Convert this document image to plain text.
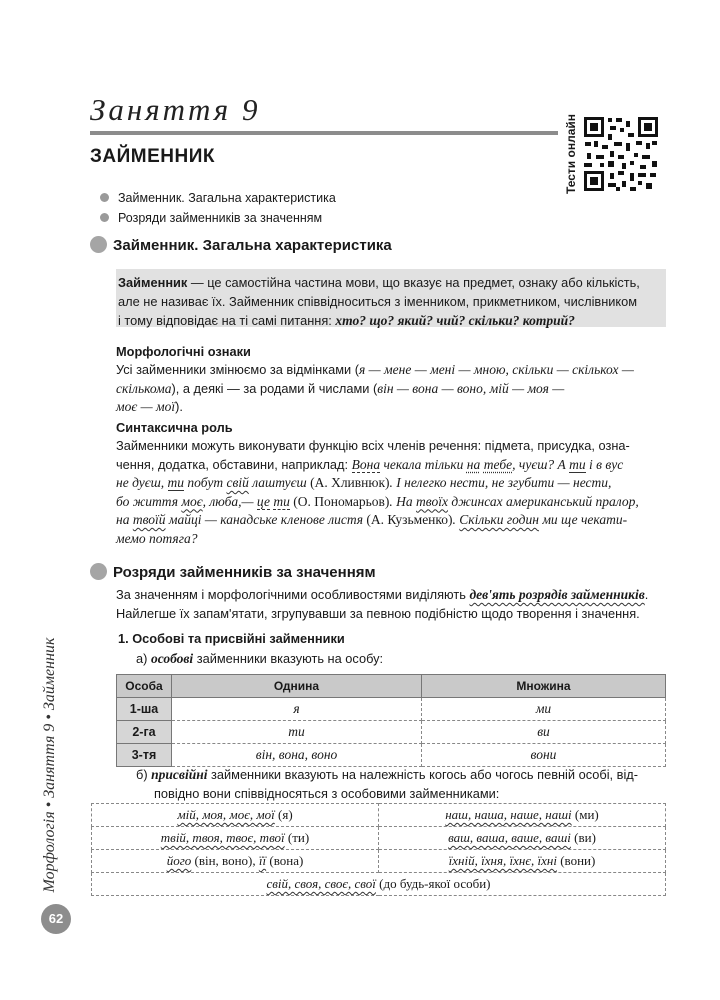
Заняття 9
ЗАЙМЕННИК	Тести онлайн
Займенник. Загальна характеристика
Розряди займенників за значенням
Займенник. Загальна характеристика
Займенник — це самостійна частина мови, що вказує на предмет, ознаку або кількість,
але не називає їх. Займенник співвідноситься з іменником, прикметником, числівником
і тому відповідає на ті самі питання: хто? що? який? чий? скільки? котрий?
Морфологічні ознаки
Усі займенники змінюємо за відмінками (я — мене — мені — мною, скільки — скількох —
скількома), а деякі — за родами й числами (він — вона — воно, мій — моя —
моє — мої).
Синтаксична роль
Займенники можуть виконувати функцію всіх членів речення: підмета, присудка, озна-
чення, додатка, обставини, наприклад: Вона чекала тільки на тебе, чуєш? А ти і в вус
не дуєш, ти побут свій лаштуєш (А. Хливнюк). І нелегко нести, не згубити — нести,
бо життя моє, люба,— це ти (О. Пономарьов). На твоїх джинсах американський пралор,
на твоїй майці — канадське кленове листя (А. Кузьменко). Скільки годин ми ще чекати-
мемо потяга?
Розряди займенників за значенням
За значенням і морфологічними особливостями виділяють дев'ять розрядів займенників.
Найлегше їх запам'ятати, згрупувавши за певною подібністю щодо творення і значення.
1. Особові та присвійні займенники
а) особові займенники вказують на особу:
Особа	Однина	Множина
1-ша	я	ми
2-га	ти	ви
3-тя	він, вона, воно	вони
б) присвійні займенники вказують на належність когось або чогось певній особі, від-
повідно вони співвідносяться з особовими займенниками:
мій, моя, моє, мої (я)	наш, наша, наше, наші (ми)
твій, твоя, твоє, твої (ти)	ваш, ваша, ваше, ваші (ви)
його (він, воно), її (вона)	їхній, їхня, їхнє, їхні (вони)
свій, своя, своє, свої (до будь-якої особи)	
Морфологія • Заняття 9 • Займенник
62
